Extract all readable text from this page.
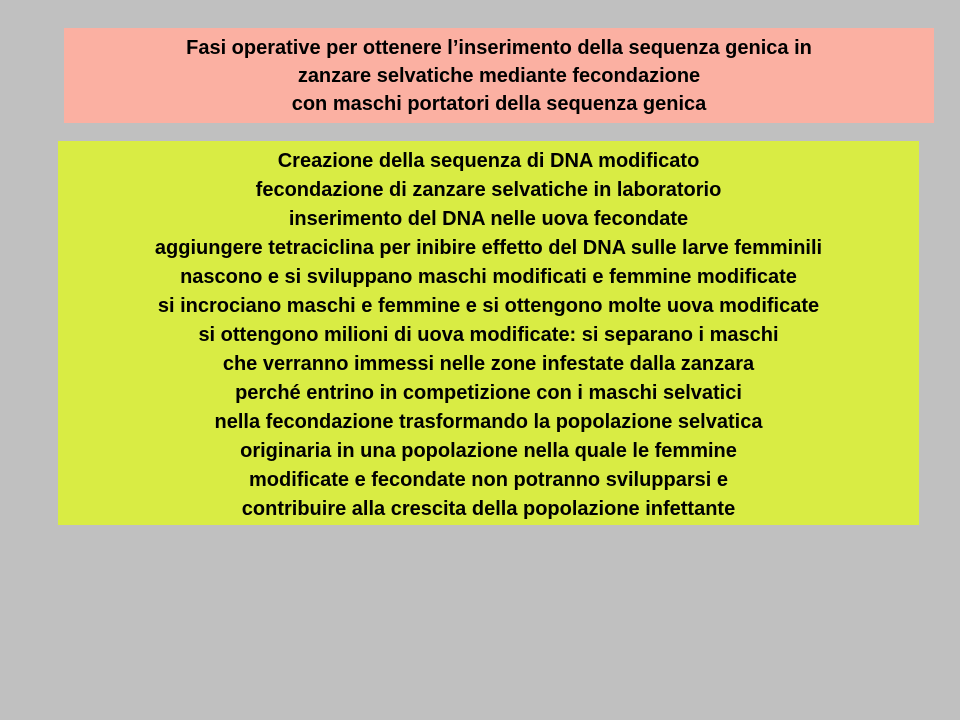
Fasi operative per ottenere l’inserimento della sequenza genica in
zanzare selvatiche mediante fecondazione
con maschi portatori della sequenza genica
Creazione della sequenza di DNA modificato
fecondazione di zanzare selvatiche in laboratorio
inserimento del DNA nelle uova fecondate
aggiungere tetraciclina per inibire effetto del DNA sulle larve femminili
nascono e si sviluppano maschi modificati e femmine modificate
si incrociano maschi e femmine e si ottengono molte uova modificate
si ottengono milioni di uova modificate: si separano i maschi
che verranno immessi nelle zone infestate dalla zanzara
perché entrino in competizione con i maschi selvatici
nella fecondazione trasformando la popolazione selvatica
originaria in una popolazione nella quale le femmine
modificate e fecondate non potranno svilupparsi e
contribuire alla crescita della popolazione infettante
